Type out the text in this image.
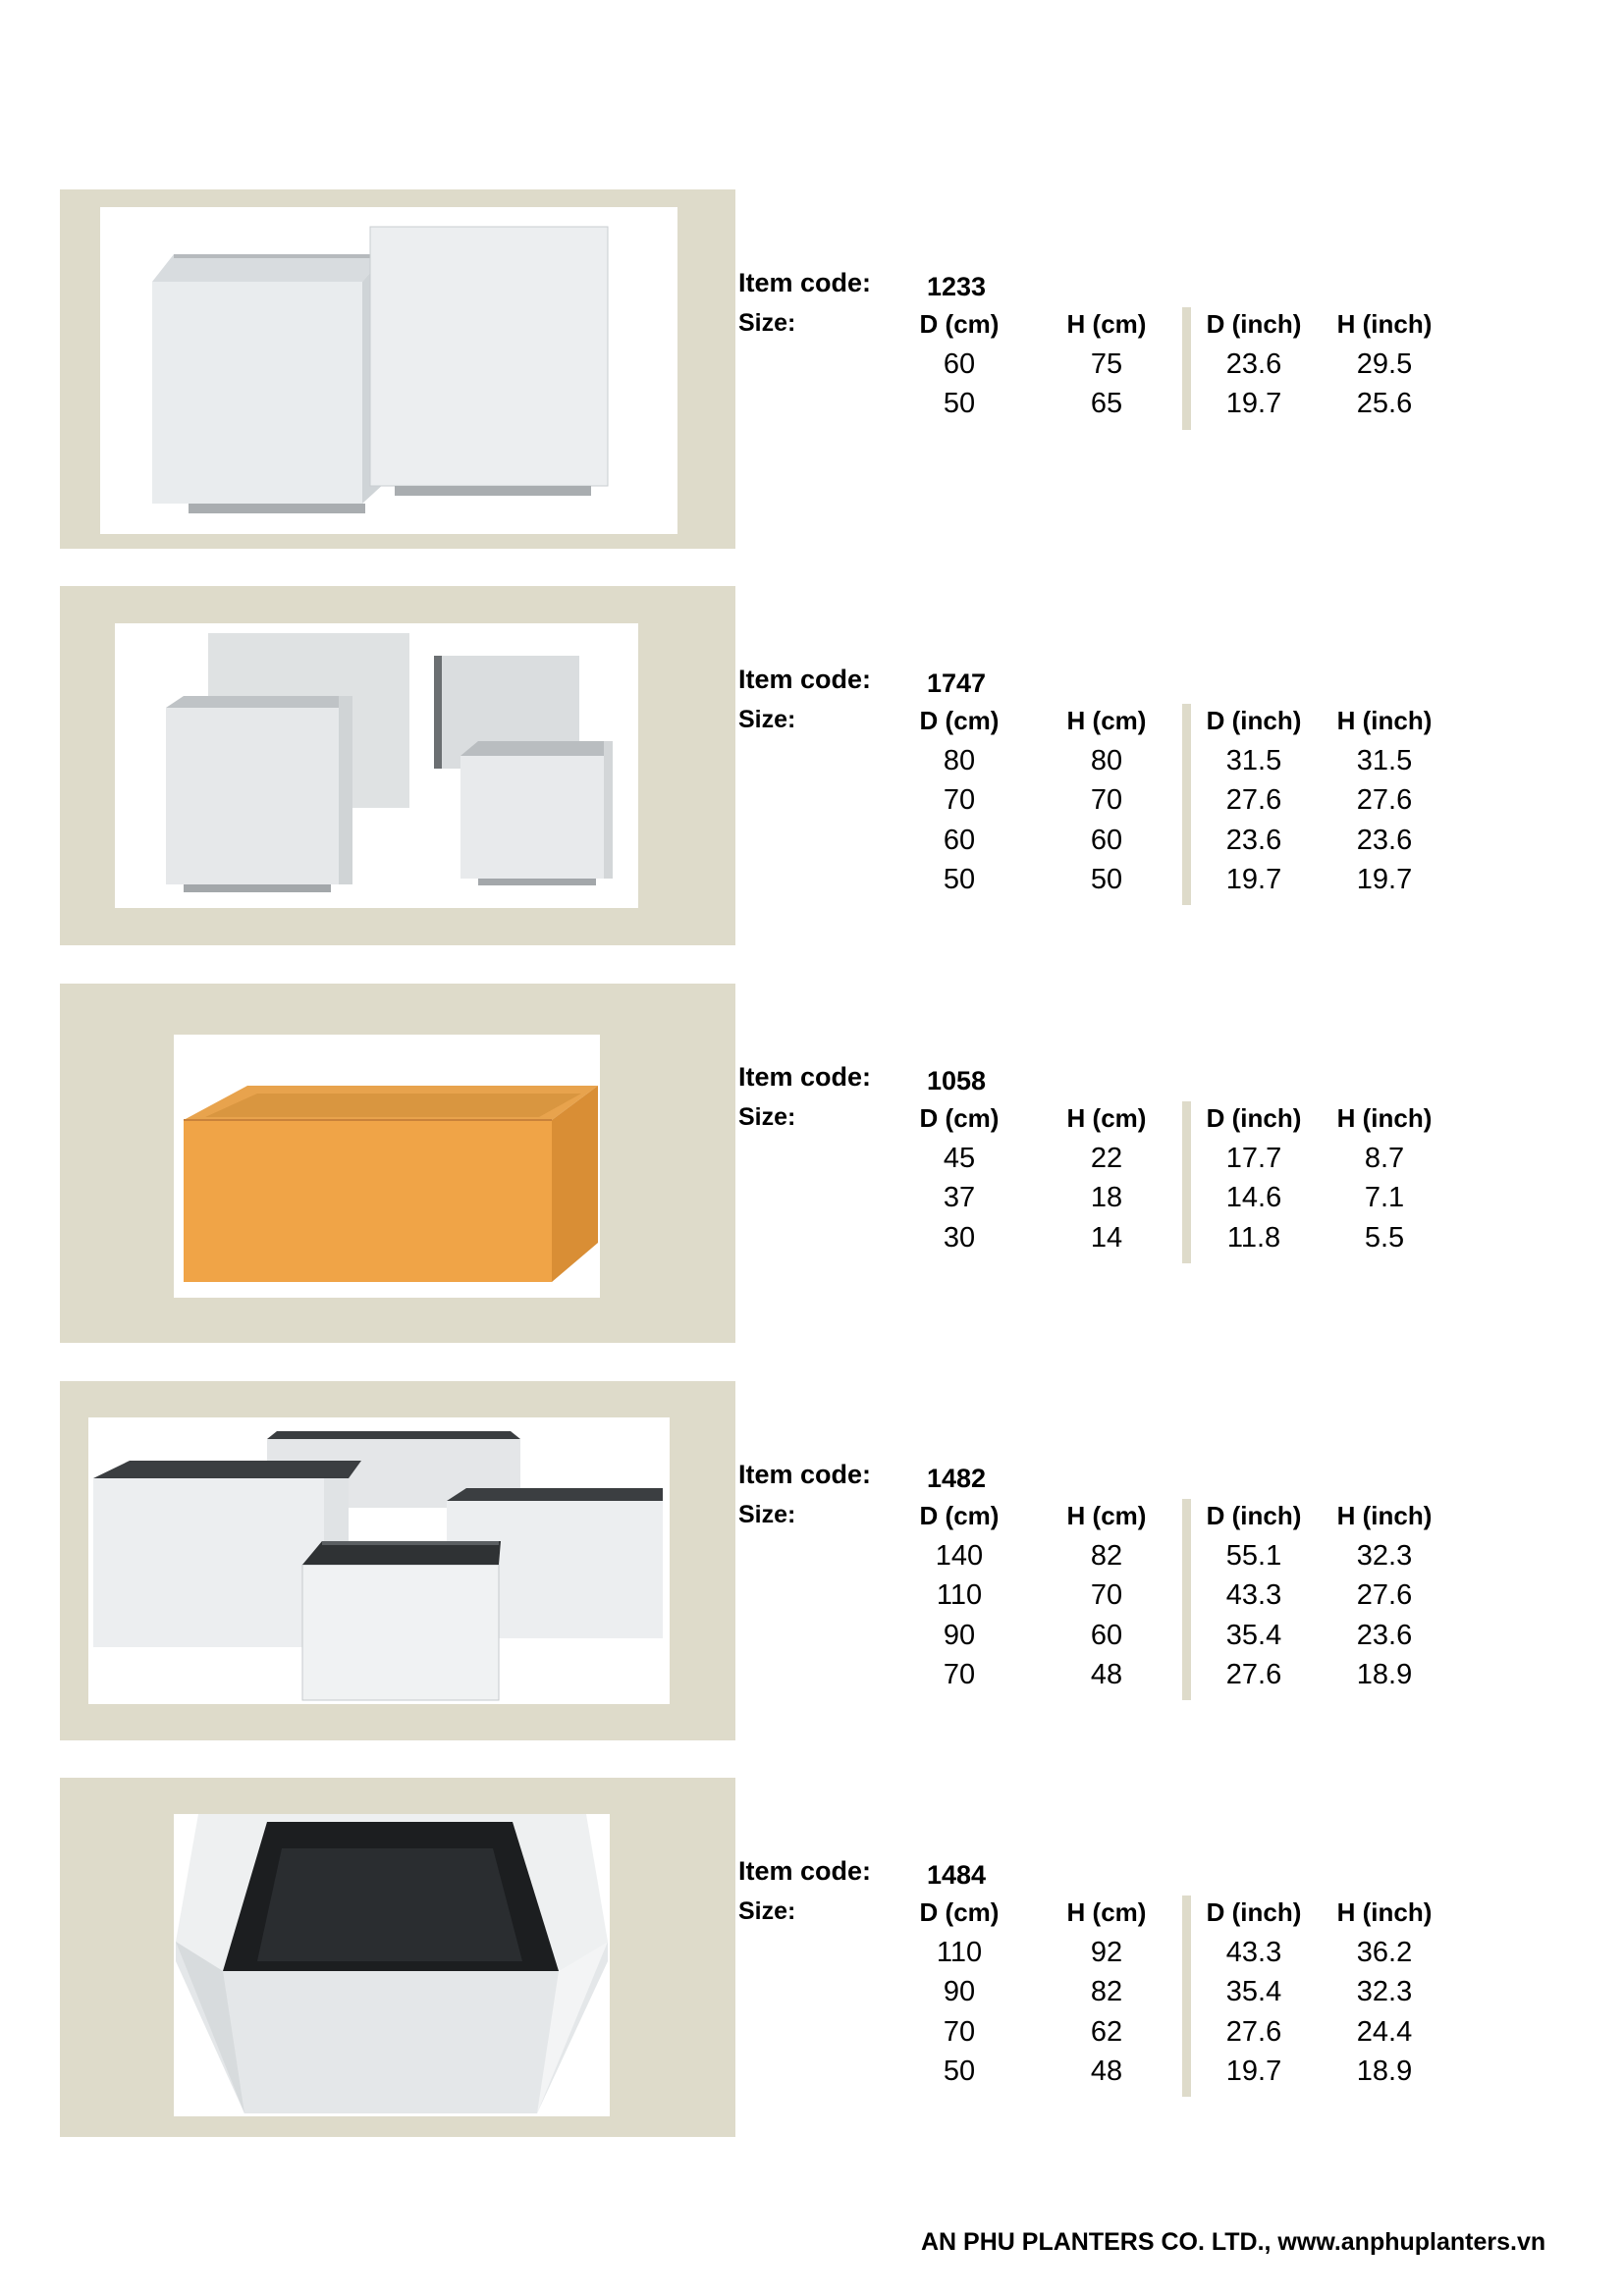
Item code: 1233
Size:	D (cm)	H (cm)	D (inch)	H (inch)
60	75	23.6	29.5
50	65	19.7	25.6
Item code: 1747
Size:	D (cm)	H (cm)	D (inch)	H (inch)
80	80	31.5	31.5
70	70	27.6	27.6
60	60	23.6	23.6
50	50	19.7	19.7
Item code: 1058
Size:	D (cm)	H (cm)	D (inch)	H (inch)
45	22	17.7	8.7
37	18	14.6	7.1
30	14	11.8	5.5
Item code: 1482
Size:	D (cm)	H (cm)	D (inch)	H (inch)
140	82	55.1	32.3
110	70	43.3	27.6
90	60	35.4	23.6
70	48	27.6	18.9
Item code: 1484
Size:	D (cm)	H (cm)	D (inch)	H (inch)
110	92	43.3	36.2
90	82	35.4	32.3
70	62	27.6	24.4
50	48	19.7	18.9
AN PHU PLANTERS CO. LTD., www.anphuplanters.vn
